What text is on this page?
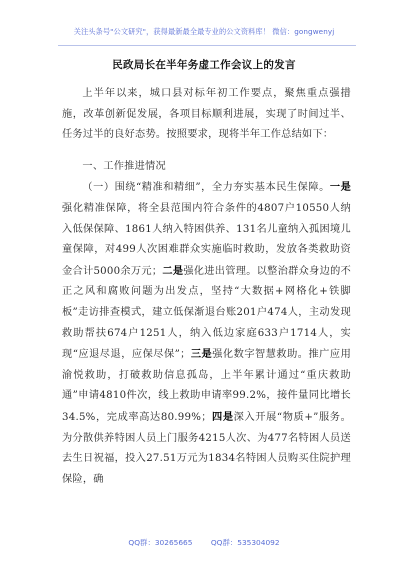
关注头条号"公文研究"，获得最新最全最专业的公文资料库！ 微信：gongwenyj
民政局长在半年务虚工作会议上的发言

上半年以来，城口县对标年初工作要点，聚焦重点强措施，改革创新促发展，各项目标顺利进展，实现了时间过半、任务过半的良好态势。按照要求，现将半年工作总结如下：

一、工作推进情况

（一）围绕“精准和精细”，全力夯实基本民生保障。一是强化精准保障，将全县范围内符合条件的4807户10550人纳入低保保障、1861人纳入特困供养、131名儿童纳入孤困境儿童保障，对499人次困难群众实施临时救助，发放各类救助资金合计5000余万元；二是强化进出管理。以整治群众身边的不正之风和腐败问题为出发点，坚持“大数据+网格化+铁脚板”走访排查模式，建立低保渐退台账201户474人，主动发现救助帮扶674户1251人，纳入低边家庭633户1714人，实现“应退尽退，应保尽保”；三是强化数字智慧救助。推广应用渝悦救助，打破救助信息孤岛，上半年累计通过“重庆救助通”申请4810件次，线上救助申请率99.2%，接件量同比增长34.5%，完成率高达80.99%；四是深入开展“物质+”服务。为分散供养特困人员上门服务4215人次、为477名特困人员送去生日祝福，投入27.51万元为1834名特困人员购买住院护理保险，确

QQ群：30265665 QQ群：535304092
